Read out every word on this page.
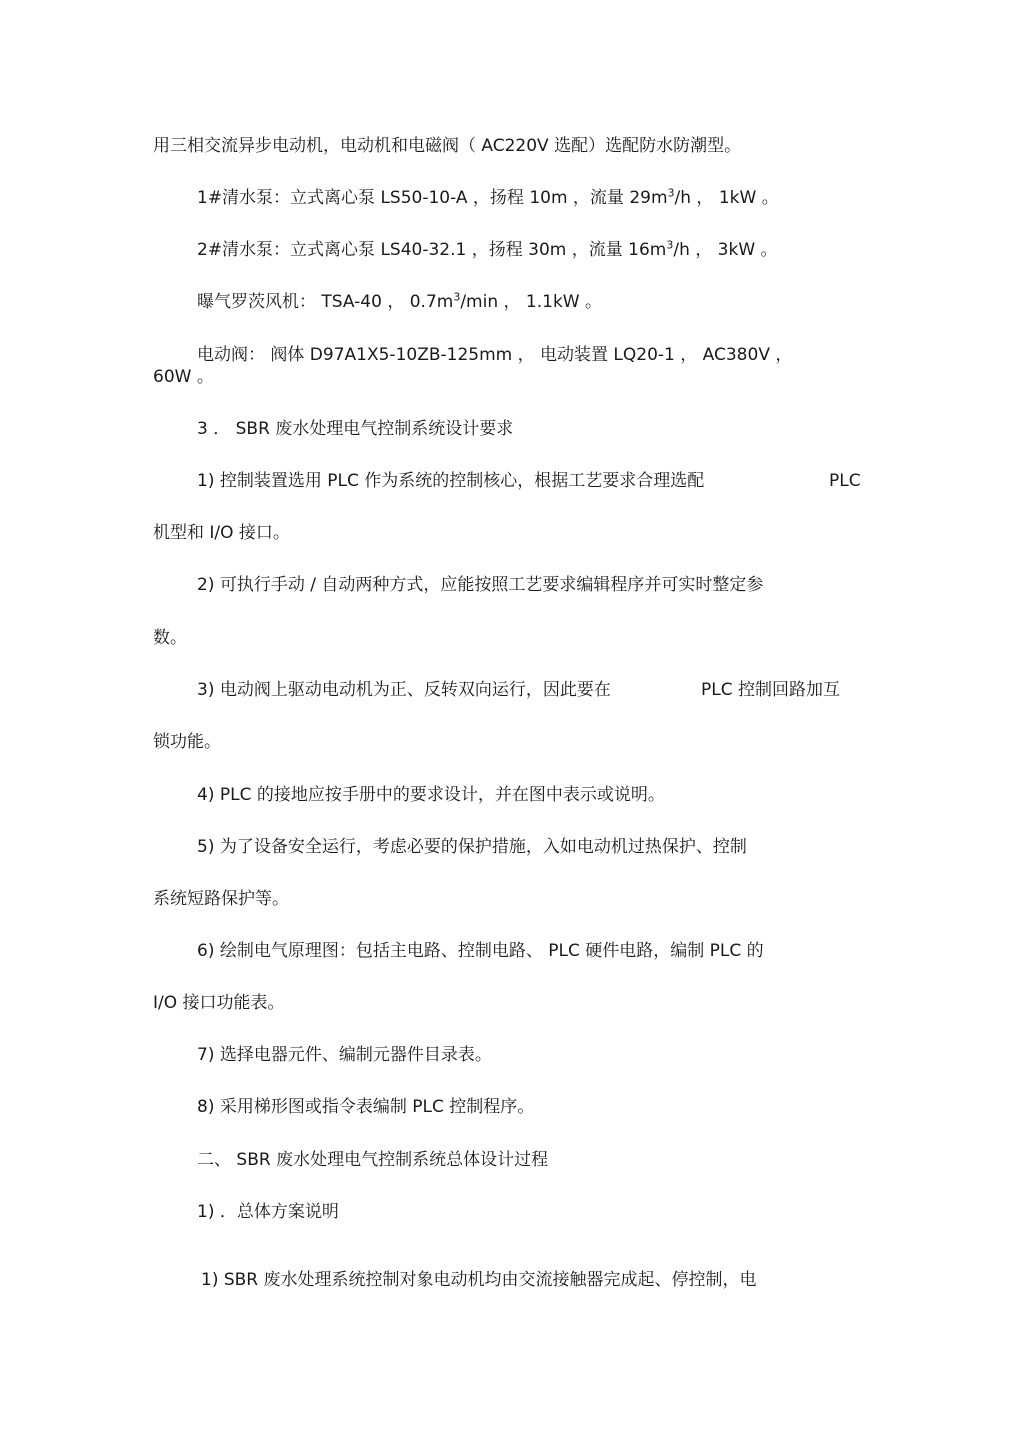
用三相交流异步电动机，电动机和电磁阀（ AC220V 选配）选配防水防潮型。

1#清水泵：立式离心泵 LS50-10-A ，扬程 10m ，流量 $29m^3/h$ ， 1kW 。

2#清水泵：立式离心泵 LS40-32.1 ，扬程 30m ，流量 $16m^3/h$ ， 3kW 。

曝气罗茨风机： TSA-40 ， $0.7m^3/\min$ ， 1.1kW 。

电动阀： 阀体 D97A1X5-10ZB-125mm ， 电动装置 LQ20-1 ， AC380V ，

60W 。

3 ． SBR 废水处理电气控制系统设计要求

1) 控制装置选用 PLC 作为系统的控制核心，根据工艺要求合理选配	PLC

机型和 I/O 接口。

2) 可执行手动 / 自动两种方式，应能按照工艺要求编辑程序并可实时整定参

数。

3) 电动阀上驱动电动机为正、反转双向运行，因此要在	PLC 控制回路加互

锁功能。

4) PLC 的接地应按手册中的要求设计，并在图中表示或说明。

5) 为了设备安全运行，考虑必要的保护措施，入如电动机过热保护、控制

系统短路保护等。

6) 绘制电气原理图：包括主电路、控制电路、 PLC 硬件电路，编制 PLC 的

I/O 接口功能表。

7) 选择电器元件、编制元器件目录表。

8) 采用梯形图或指令表编制 PLC 控制程序。

二、 SBR 废水处理电气控制系统总体设计过程

1) ．总体方案说明

1) SBR 废水处理系统控制对象电动机均由交流接触器完成起、停控制，电
